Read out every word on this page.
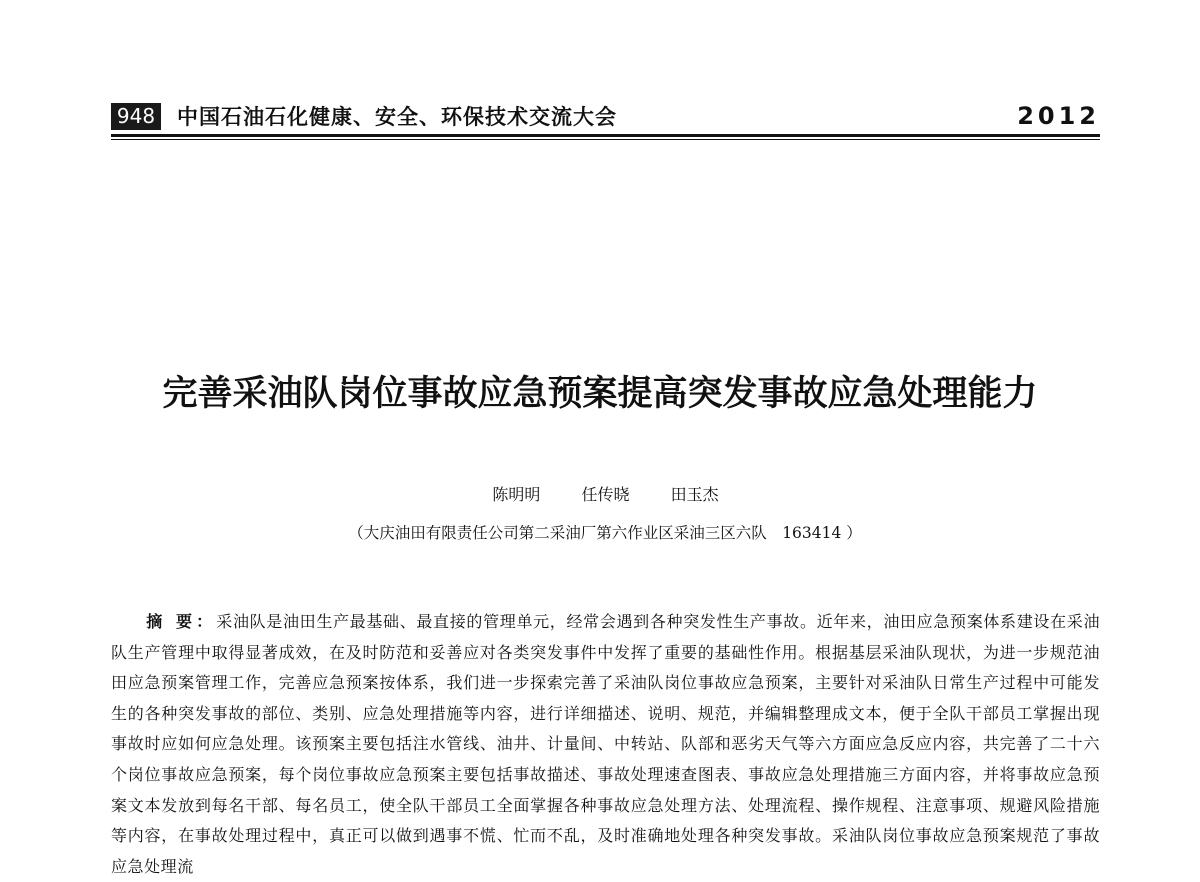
948 中国石油石化健康、安全、环保技术交流大会	2012
完善采油队岗位事故应急预案提高突发事故应急处理能力
陈明明	任传晓	田玉杰
（大庆油田有限责任公司第二采油厂第六作业区采油三区六队　163414 ）
摘 要：采油队是油田生产最基础、最直接的管理单元，经常会遇到各种突发性生产事故。近年来，油田应急预案体系建设在采油队生产管理中取得显著成效，在及时防范和妥善应对各类突发事件中发挥了重要的基础性作用。根据基层采油队现状，为进一步规范油田应急预案管理工作，完善应急预案按体系，我们进一步探索完善了采油队岗位事故应急预案，主要针对采油队日常生产过程中可能发生的各种突发事故的部位、类别、应急处理措施等内容，进行详细描述、说明、规范，并编辑整理成文本，便于全队干部员工掌握出现事故时应如何应急处理。该预案主要包括注水管线、油井、计量间、中转站、队部和恶劣天气等六方面应急反应内容，共完善了二十六个岗位事故应急预案，每个岗位事故应急预案主要包括事故描述、事故处理速查图表、事故应急处理措施三方面内容，并将事故应急预案文本发放到每名干部、每名员工，使全队干部员工全面掌握各种事故应急处理方法、处理流程、操作规程、注意事项、规避风险措施等内容，在事故处理过程中，真正可以做到遇事不慌、忙而不乱，及时准确地处理各种突发事故。采油队岗位事故应急预案规范了事故应急处理流
